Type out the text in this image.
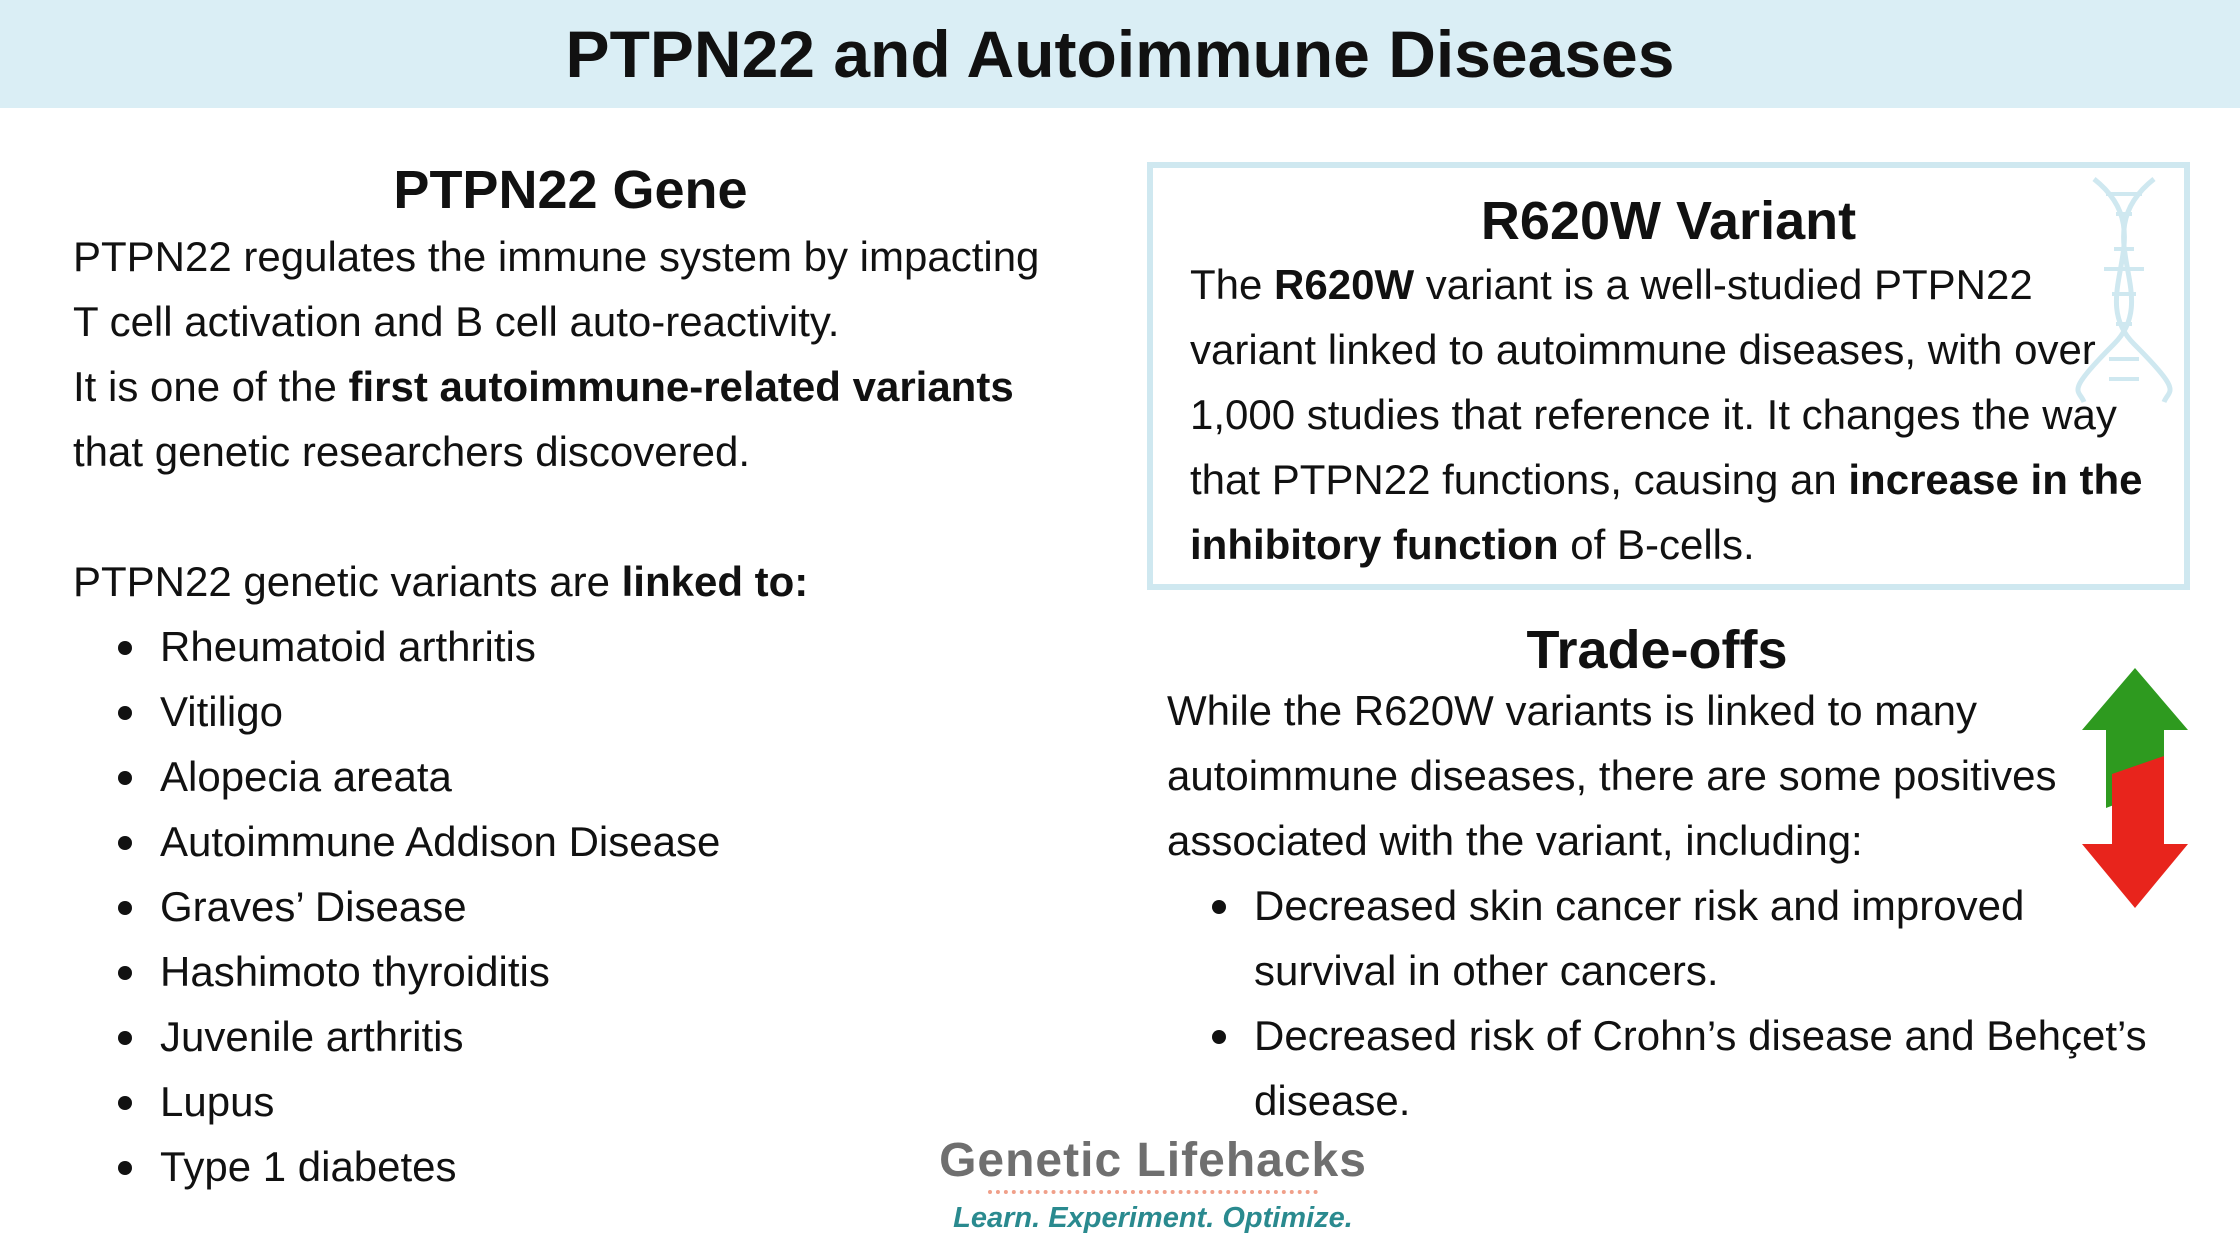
PTPN22 and Autoimmune Diseases
PTPN22 Gene

PTPN22 regulates the immune system by impacting
T cell activation and B cell auto-reactivity.
It is one of the first autoimmune-related variants
that genetic researchers discovered.

PTPN22 genetic variants are linked to:

Rheumatoid arthritis
Vitiligo
Alopecia areata
Autoimmune Addison Disease
Graves’ Disease
Hashimoto thyroiditis
Juvenile arthritis
Lupus
Type 1 diabetes
R620W Variant

The R620W variant is a well-studied PTPN22 variant linked to autoimmune diseases, with over 1,000 studies that reference it. It changes the way that PTPN22 functions, causing an increase in the inhibitory function of B-cells.

Trade-offs

While the R620W variants is linked to many autoimmune diseases, there are some positives associated with the variant, including:

Decreased skin cancer risk and improved survival in other cancers.
Decreased risk of Crohn’s disease and Behçet’s disease.
Genetic Lifehacks
Learn. Experiment. Optimize.
